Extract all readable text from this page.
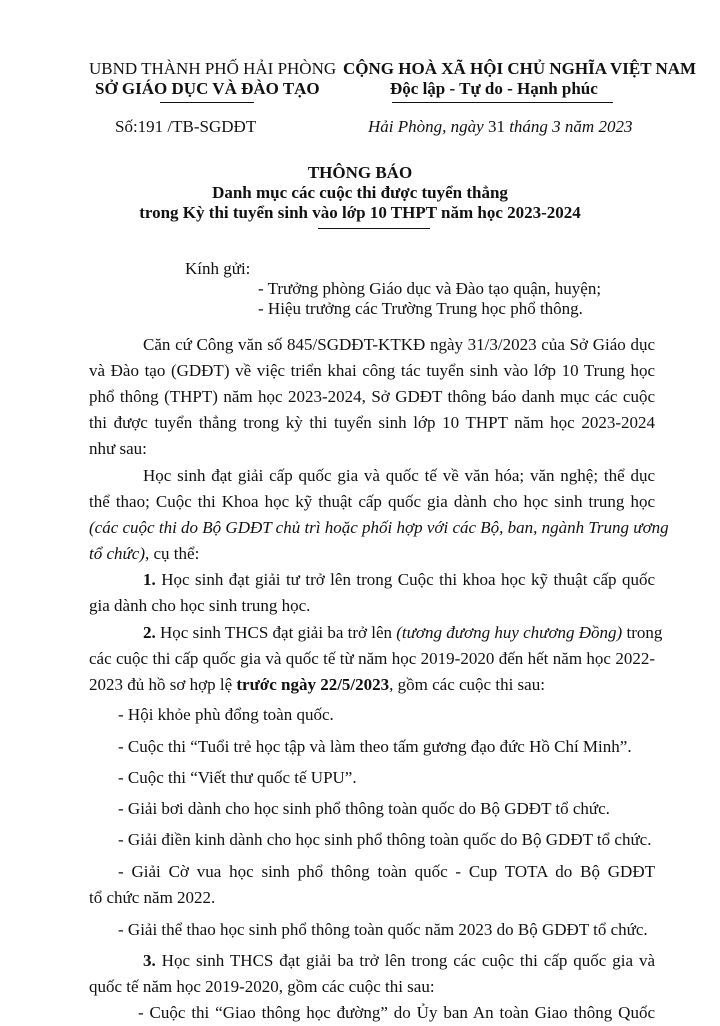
UBND THÀNH PHỐ HẢI PHÒNG
SỞ GIÁO DỤC VÀ ĐÀO TẠO
CỘNG HOÀ XÃ HỘI CHỦ NGHĨA VIỆT NAM
Độc lập - Tự do - Hạnh phúc
Số:191 /TB-SGDĐT	Hải Phòng, ngày 31 tháng 3 năm 2023
THÔNG BÁO
Danh mục các cuộc thi được tuyển thẳng
trong Kỳ thi tuyển sinh vào lớp 10 THPT năm học 2023-2024
Kính gửi:
- Trưởng phòng Giáo dục và Đào tạo quận, huyện;
- Hiệu trưởng các Trường Trung học phổ thông.
Căn cứ Công văn số 845/SGDĐT-KTKĐ ngày 31/3/2023 của Sở Giáo dục
và Đào tạo (GDĐT) về việc triển khai công tác tuyển sinh vào lớp 10 Trung học
phổ thông (THPT) năm học 2023-2024, Sở GDĐT thông báo danh mục các cuộc
thi được tuyển thẳng trong kỳ thi tuyển sinh lớp 10 THPT năm học 2023-2024
như sau:
Học sinh đạt giải cấp quốc gia và quốc tế về văn hóa; văn nghệ; thể dục
thể thao; Cuộc thi Khoa học kỹ thuật cấp quốc gia dành cho học sinh trung học
(các cuộc thi do Bộ GDĐT chủ trì hoặc phối hợp với các Bộ, ban, ngành Trung ương
tổ chức), cụ thể:
1. Học sinh đạt giải tư trở lên trong Cuộc thi khoa học kỹ thuật cấp quốc
gia dành cho học sinh trung học.
2. Học sinh THCS đạt giải ba trở lên (tương đương huy chương Đồng) trong
các cuộc thi cấp quốc gia và quốc tế từ năm học 2019-2020 đến hết năm học 2022-
2023 đủ hồ sơ hợp lệ trước ngày 22/5/2023, gồm các cuộc thi sau:
- Hội khỏe phù đổng toàn quốc.
- Cuộc thi “Tuổi trẻ học tập và làm theo tấm gương đạo đức Hồ Chí Minh”.
- Cuộc thi “Viết thư quốc tế UPU”.
- Giải bơi dành cho học sinh phổ thông toàn quốc do Bộ GDĐT tổ chức.
- Giải điền kinh dành cho học sinh phổ thông toàn quốc do Bộ GDĐT tổ chức.
- Giải Cờ vua học sinh phổ thông toàn quốc - Cup TOTA do Bộ GDĐT
tổ chức năm 2022.
- Giải thể thao học sinh phổ thông toàn quốc năm 2023 do Bộ GDĐT tổ chức.
3. Học sinh THCS đạt giải ba trở lên trong các cuộc thi cấp quốc gia và
quốc tế năm học 2019-2020, gồm các cuộc thi sau:
- Cuộc thi “Giao thông học đường” do Ủy ban An toàn Giao thông Quốc
